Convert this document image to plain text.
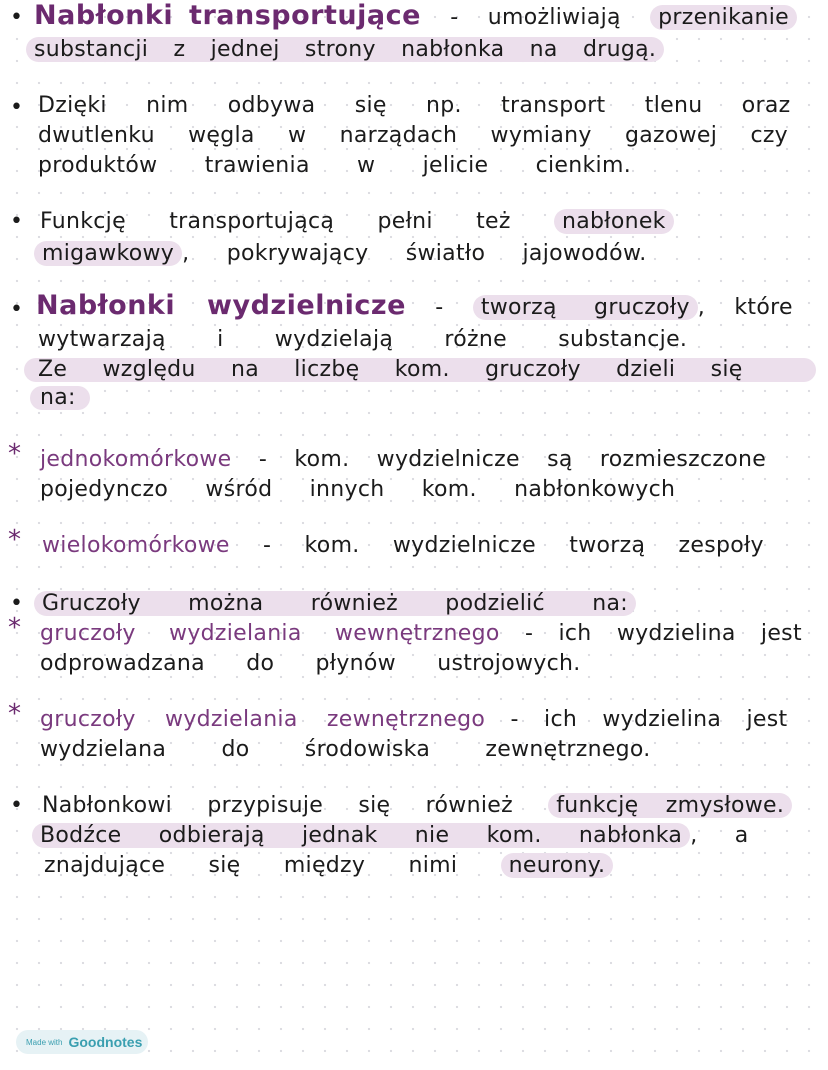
• Nabłonki transportujące - umożliwiają przenikanie
substancji z jednej strony nabłonka na drugą.
• Dzięki nim odbywa się np. transport tlenu oraz
dwutlenku węgla w narządach wymiany gazowej czy
produktów trawienia w jelicie cienkim.
• Funkcję transportującą pełni też nabłonek
migawkowy , pokrywający światło jajowodów.
• Nabłonki wydzielnicze - tworzą gruczoły , które
wytwarzają i wydzielają różne substancje.
Ze względu na liczbę kom. gruczoły dzieli się
na:
* jednokomórkowe - kom. wydzielnicze są rozmieszczone
pojedynczo wśród innych kom. nabłonkowych
* wielokomórkowe - kom. wydzielnicze tworzą zespoły
• Gruczoły można również podzielić na:
* gruczoły wydzielania wewnętrznego - ich wydzielina jest
odprowadzana do płynów ustrojowych.
* gruczoły wydzielania zewnętrznego - ich wydzielina jest
wydzielana do środowiska zewnętrznego.
• Nabłonkowi przypisuje się również funkcję zmysłowe.
Bodźce odbierają jednak nie kom. nabłonka , a
znajdujące się między nimi neurony.
Made with Goodnotes
